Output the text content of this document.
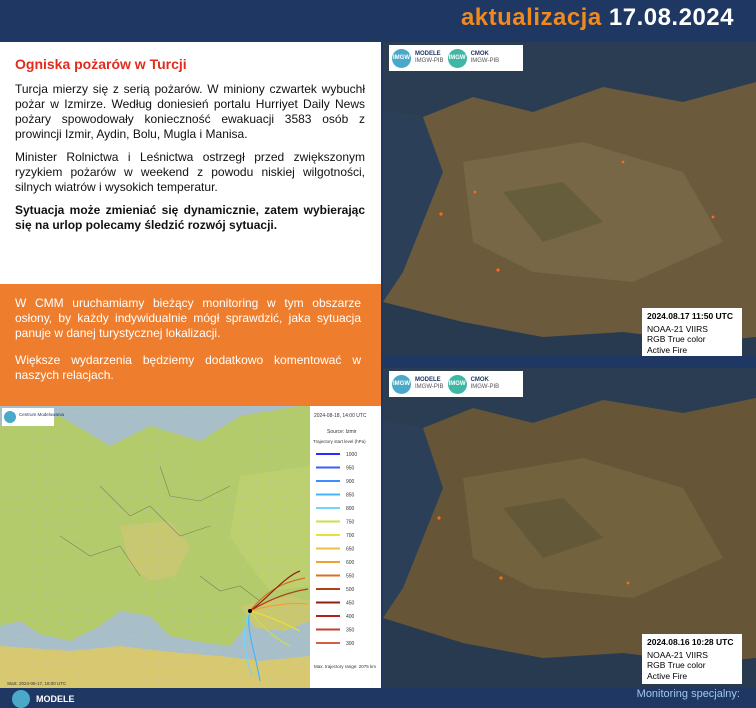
aktualizacja 17.08.2024
Ogniska pożarów w Turcji

Turcja mierzy się z serią pożarów. W miniony czwartek wybuchł pożar w Izmirze. Według doniesień portalu Hurriyet Daily News pożary spowodowały konieczność ewakuacji 3583 osób z prowincji Izmir, Aydin, Bolu, Mugla i Manisa.

Minister Rolnictwa i Leśnictwa ostrzegł przed zwiększonym ryzykiem pożarów w weekend z powodu niskiej wilgotności, silnych wiatrów i wysokich temperatur.

Sytuacja może zmieniać się dynamicznie, zatem wybierając się na urlop polecamy śledzić rozwój sytuacji.

W CMM uruchamiamy bieżący monitoring w tym obszarze osłony, by każdy indywidualnie mógł sprawdzić, jaka sytuacja panuje w danej turystycznej lokalizacji.

Większe wydarzenia będziemy dodatkowo komentować w naszych relacjach.

Centrum Modelowania	2024-08-18, 14:00 UTC
Source: Izmir
Trajectory start level (hPa)
1000
950
900
850
800
750
700
650
600
550
500
450
400
350
300
Start: 2024-08-17, 18:00 UTC
Max. trajectory range: 2075 km
IMGW
MODELE
IMGW-PIB IMGW
CMOK
IMGW-PIB
2024.08.17 11:50 UTC
NOAA-21 VIIRS
RGB True color
Active Fire
IMGW
MODELE
IMGW-PIB IMGW
CMOK
IMGW-PIB
2024.08.16 10:28 UTC
NOAA-21 VIIRS
RGB True color
Active Fire
MODELE	Monitoring specjalny:
